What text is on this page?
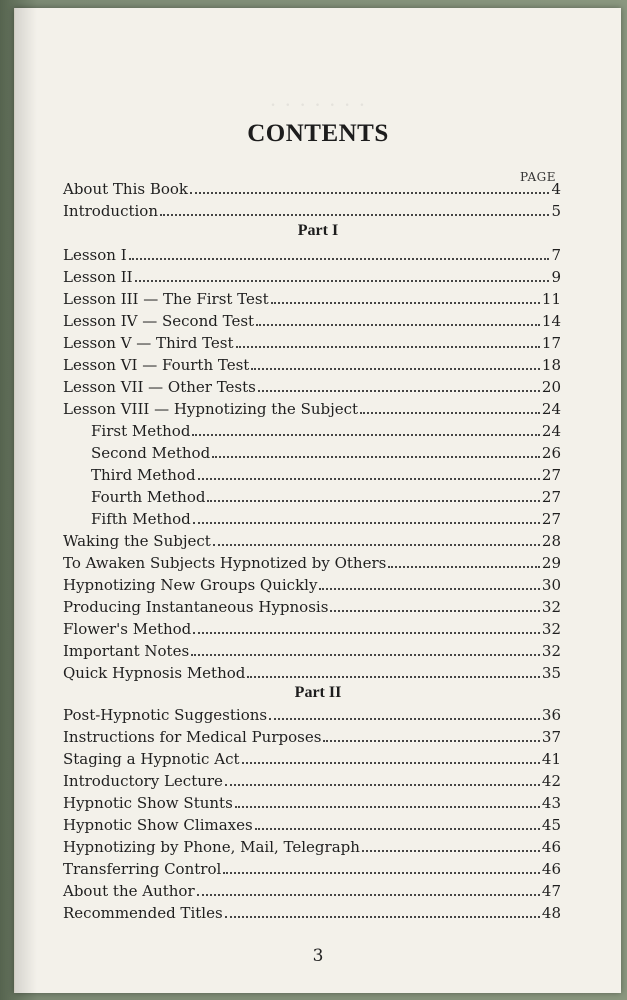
· · · · · · ·
CONTENTS
PAGE
About This Book	4
Introduction	5
Part I
Lesson I	7
Lesson II	9
Lesson III — The First Test	11
Lesson IV — Second Test	14
Lesson V — Third Test	17
Lesson VI — Fourth Test	18
Lesson VII — Other Tests	20
Lesson VIII — Hypnotizing the Subject	24
First Method	24
Second Method	26
Third Method	27
Fourth Method	27
Fifth Method	27
Waking the Subject	28
To Awaken Subjects Hypnotized by Others	29
Hypnotizing New Groups Quickly	30
Producing Instantaneous Hypnosis	32
Flower's Method	32
Important Notes	32
Quick Hypnosis Method	35
Part II
Post-Hypnotic Suggestions	36
Instructions for Medical Purposes	37
Staging a Hypnotic Act	41
Introductory Lecture	42
Hypnotic Show Stunts	43
Hypnotic Show Climaxes	45
Hypnotizing by Phone, Mail, Telegraph	46
Transferring Control	46
About the Author	47
Recommended Titles	48
3
